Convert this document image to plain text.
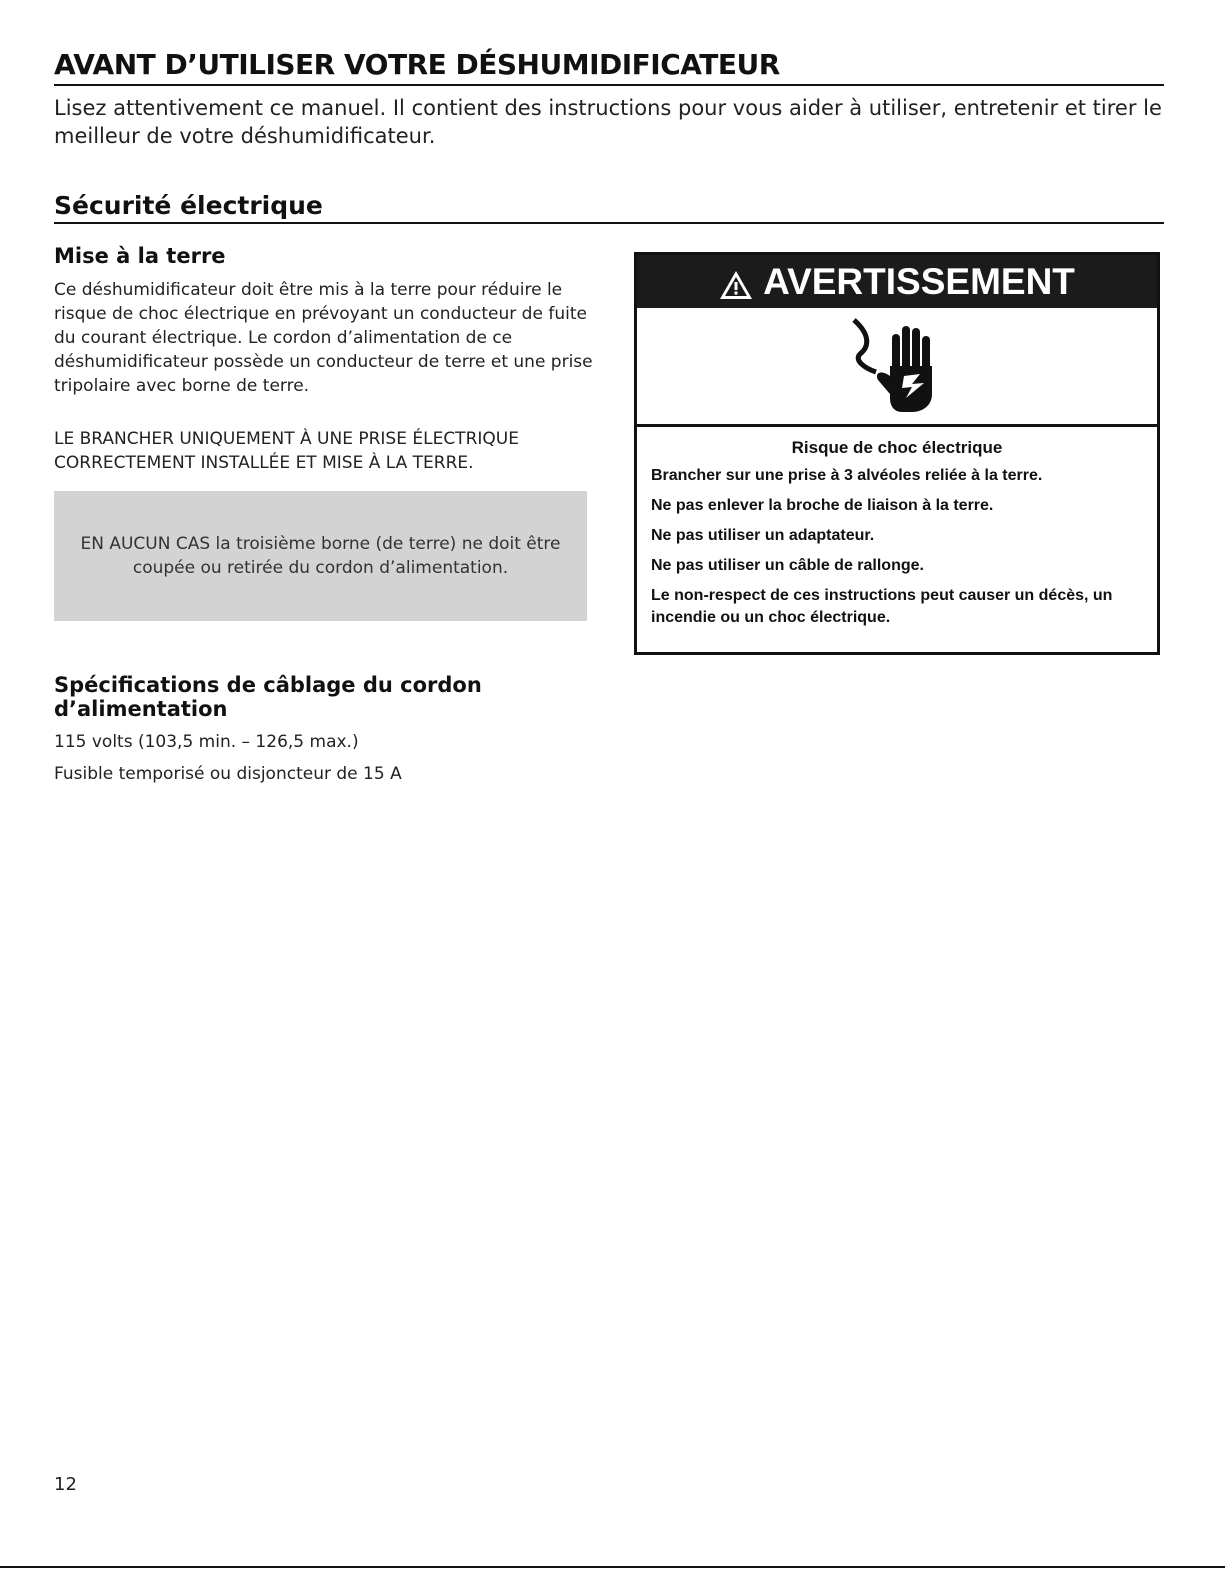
AVANT D’UTILISER VOTRE DÉSHUMIDIFICATEUR
Lisez attentivement ce manuel. Il contient des instructions pour vous aider à utiliser, entretenir et tirer le meilleur de votre déshumidificateur.
Sécurité électrique
Mise à la terre
Ce déshumidificateur doit être mis à la terre pour réduire le risque de choc électrique en prévoyant un conducteur de fuite du courant électrique. Le cordon d’alimentation de ce déshumidificateur possède un conducteur de terre et une prise tripolaire avec borne de terre.
LE BRANCHER UNIQUEMENT À UNE PRISE ÉLECTRIQUE CORRECTEMENT INSTALLÉE ET MISE À LA TERRE.
EN AUCUN CAS la troisième borne (de terre) ne doit être coupée ou retirée du cordon d’alimentation.
Spécifications de câblage du cordon d’alimentation
115 volts (103,5 min. – 126,5 max.)
Fusible temporisé ou disjoncteur de 15 A
AVERTISSEMENT
Risque de choc électrique
Brancher sur une prise à 3 alvéoles reliée à la terre.
Ne pas enlever la broche de liaison à la terre.
Ne pas utiliser un adaptateur.
Ne pas utiliser un câble de rallonge.
Le non-respect de ces instructions peut causer un décès, un incendie ou un choc électrique.
12
